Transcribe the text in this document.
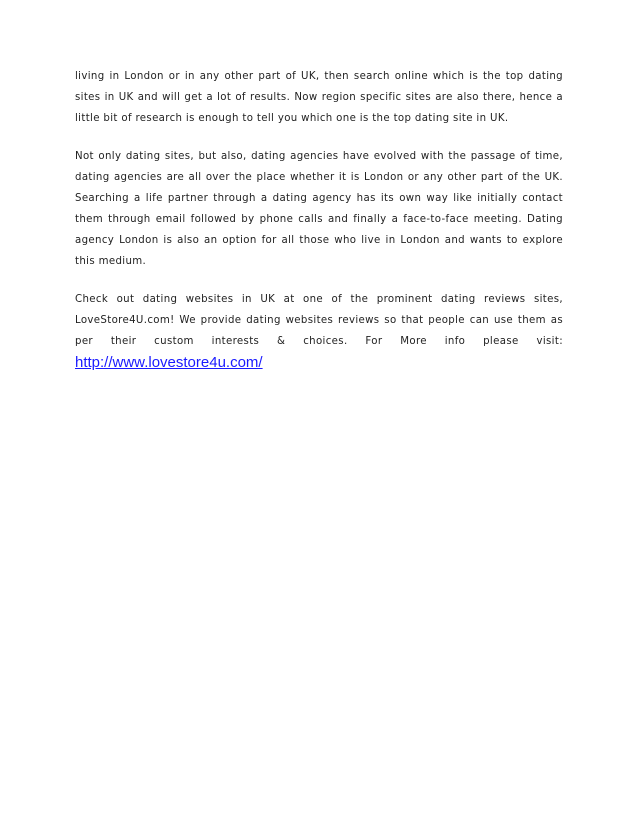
living in London or in any other part of UK, then search online which is the top dating sites in UK and will get a lot of results. Now region specific sites are also there, hence a little bit of research is enough to tell you which one is the top dating site in UK.

Not only dating sites, but also, dating agencies have evolved with the passage of time, dating agencies are all over the place whether it is London or any other part of the UK. Searching a life partner through a dating agency has its own way like initially contact them through email followed by phone calls and finally a face-to-face meeting. Dating agency London is also an option for all those who live in London and wants to explore this medium.

Check out dating websites in UK at one of the prominent dating reviews sites, LoveStore4U.com! We provide dating websites reviews so that people can use them as per their custom interests & choices. For More info please visit: http://www.lovestore4u.com/
